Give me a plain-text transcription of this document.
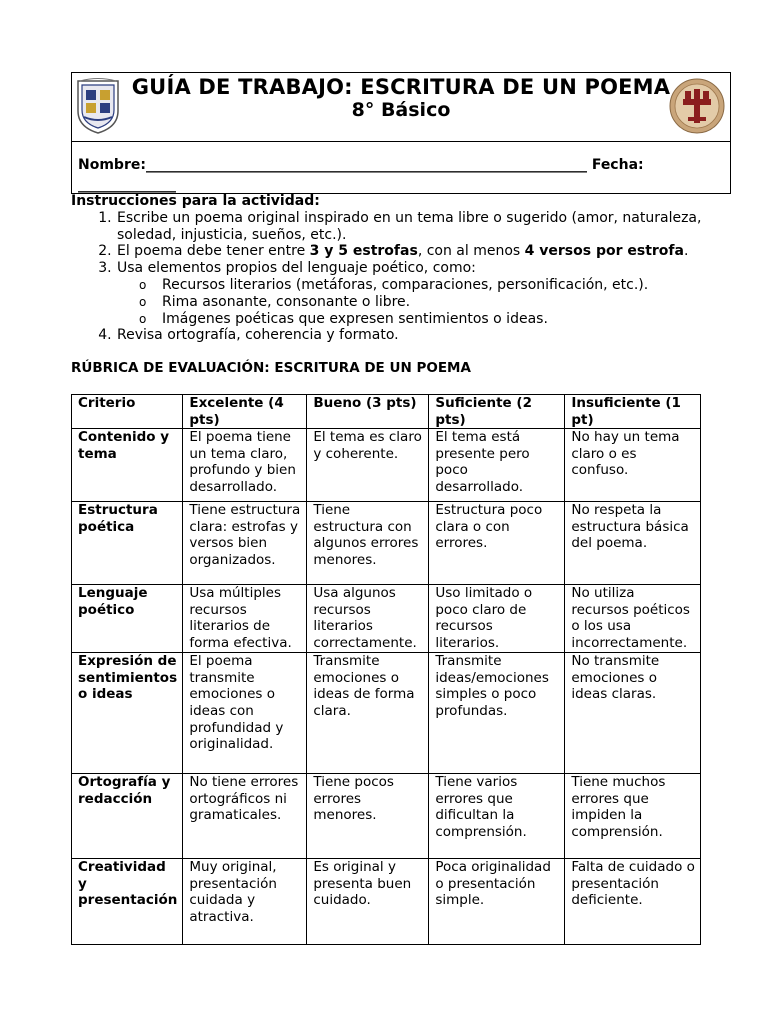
GUÍA DE TRABAJO: ESCRITURA DE UN POEMA
8° Básico
Nombre:_______________________________________________________________ Fecha: ______________
Instrucciones para la actividad:
1. Escribe un poema original inspirado en un tema libre o sugerido (amor, naturaleza, soledad, injusticia, sueños, etc.).
2. El poema debe tener entre 3 y 5 estrofas, con al menos 4 versos por estrofa.
3. Usa elementos propios del lenguaje poético, como:
o Recursos literarios (metáforas, comparaciones, personificación, etc.).
o Rima asonante, consonante o libre.
o Imágenes poéticas que expresen sentimientos o ideas.
4. Revisa ortografía, coherencia y formato.
RÚBRICA DE EVALUACIÓN: ESCRITURA DE UN POEMA
Criterio	Excelente (4 pts)	Bueno (3 pts)	Suficiente (2 pts)	Insuficiente (1 pt)
Contenido y tema	El poema tiene un tema claro, profundo y bien desarrollado.	El tema es claro y coherente.	El tema está presente pero poco desarrollado.	No hay un tema claro o es confuso.
Estructura poética	Tiene estructura clara: estrofas y versos bien organizados.	Tiene estructura con algunos errores menores.	Estructura poco clara o con errores.	No respeta la estructura básica del poema.
Lenguaje poético	Usa múltiples recursos literarios de forma efectiva.	Usa algunos recursos literarios correctamente.	Uso limitado o poco claro de recursos literarios.	No utiliza recursos poéticos o los usa incorrectamente.
Expresión de sentimientos o ideas	El poema transmite emociones o ideas con profundidad y originalidad.	Transmite emociones o ideas de forma clara.	Transmite ideas/emociones simples o poco profundas.	No transmite emociones o ideas claras.
Ortografía y redacción	No tiene errores ortográficos ni gramaticales.	Tiene pocos errores menores.	Tiene varios errores que dificultan la comprensión.	Tiene muchos errores que impiden la comprensión.
Creatividad y presentación	Muy original, presentación cuidada y atractiva.	Es original y presenta buen cuidado.	Poca originalidad o presentación simple.	Falta de cuidado o presentación deficiente.
